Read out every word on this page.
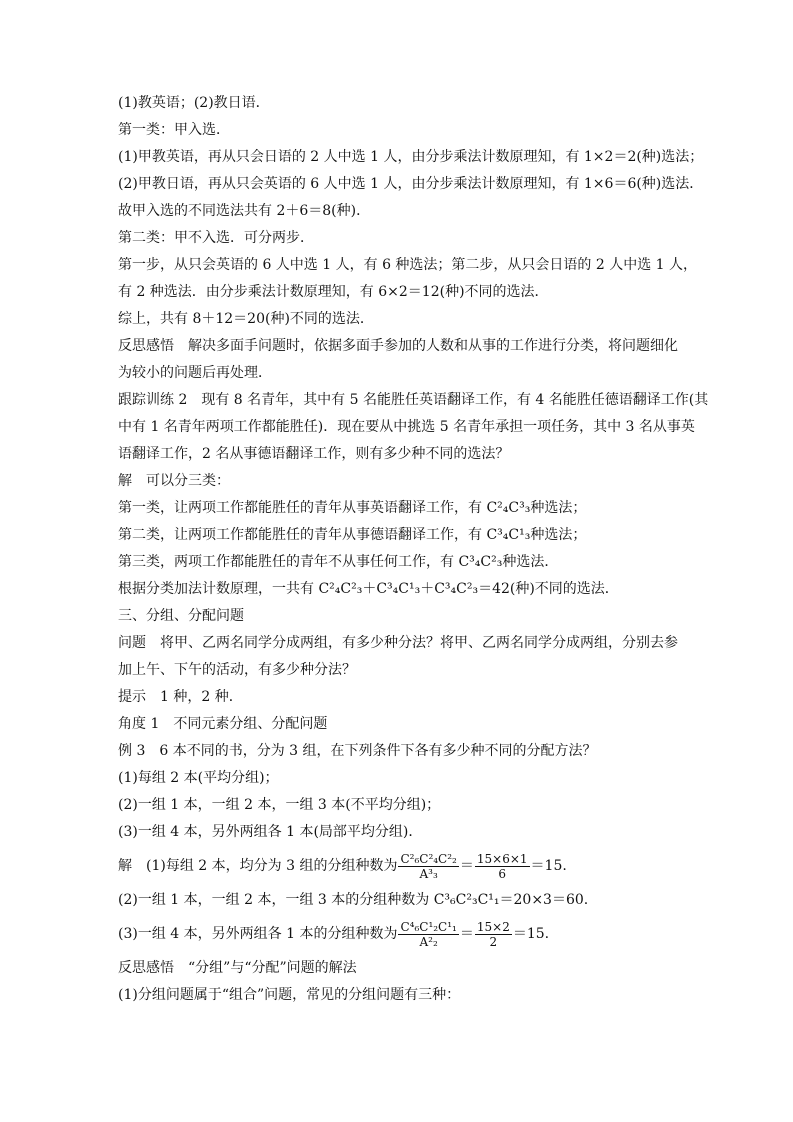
(1)教英语；(2)教日语．
第一类：甲入选．
(1)甲教英语，再从只会日语的 2 人中选 1 人，由分步乘法计数原理知，有 1×2＝2(种)选法；
(2)甲教日语，再从只会英语的 6 人中选 1 人，由分步乘法计数原理知，有 1×6＝6(种)选法．
故甲入选的不同选法共有 2＋6＝8(种)．
第二类：甲不入选．可分两步．
第一步，从只会英语的 6 人中选 1 人，有 6 种选法；第二步，从只会日语的 2 人中选 1 人，
有 2 种选法．由分步乘法计数原理知，有 6×2＝12(种)不同的选法．
综上，共有 8＋12＝20(种)不同的选法．
反思感悟　解决多面手问题时，依据多面手参加的人数和从事的工作进行分类，将问题细化
为较小的问题后再处理．
跟踪训练 2　现有 8 名青年，其中有 5 名能胜任英语翻译工作，有 4 名能胜任德语翻译工作(其
中有 1 名青年两项工作都能胜任)．现在要从中挑选 5 名青年承担一项任务，其中 3 名从事英
语翻译工作，2 名从事德语翻译工作，则有多少种不同的选法？
解　可以分三类：
第一类，让两项工作都能胜任的青年从事英语翻译工作，有 C²₄C³₃种选法；
第二类，让两项工作都能胜任的青年从事德语翻译工作，有 C³₄C¹₃种选法；
第三类，两项工作都能胜任的青年不从事任何工作，有 C³₄C²₃种选法．
根据分类加法计数原理，一共有 C²₄C²₃＋C³₄C¹₃＋C³₄C²₃＝42(种)不同的选法．
三、分组、分配问题
问题　将甲、乙两名同学分成两组，有多少种分法？将甲、乙两名同学分成两组，分别去参
加上午、下午的活动，有多少种分法？
提示　1 种，2 种．
角度 1　不同元素分组、分配问题
例 3　6 本不同的书，分为 3 组，在下列条件下各有多少种不同的分配方法？
(1)每组 2 本(平均分组)；
(2)一组 1 本，一组 2 本，一组 3 本(不平均分组)；
(3)一组 4 本，另外两组各 1 本(局部平均分组)．
解　(1)每组 2 本，均分为 3 组的分组种数为 $\frac{\text{C²₆C²₄C²₂}}{\text{A³₃}} = \frac{15\times 6\times 1}{6} =15$.
(2)一组 1 本，一组 2 本，一组 3 本的分组种数为 C³₆C²₃C¹₁＝20×3＝60.
(3)一组 4 本，另外两组各 1 本的分组种数为 $\frac{\text{C⁴₆C¹₂C¹₁}}{\text{A²₂}} = \frac{15\times 2}{2} =15$.
反思感悟　“分组”与“分配”问题的解法
(1)分组问题属于“组合”问题，常见的分组问题有三种：
